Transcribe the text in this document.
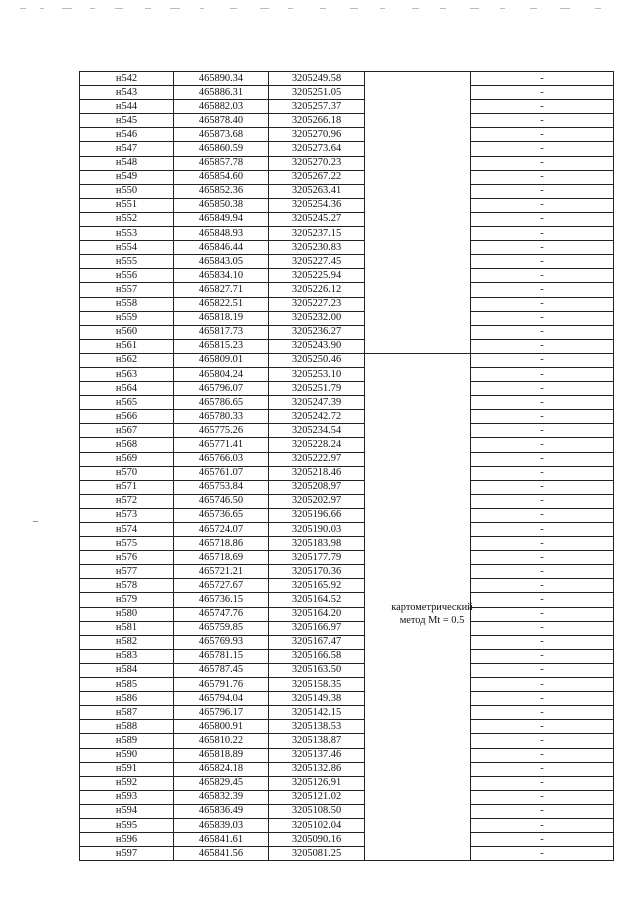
н542	465890.34	3205249.58		-
н543	465886.31	3205251.05		-
н544	465882.03	3205257.37		-
н545	465878.40	3205266.18		-
н546	465873.68	3205270.96		-
н547	465860.59	3205273.64		-
н548	465857.78	3205270.23		-
н549	465854.60	3205267.22		-
н550	465852.36	3205263.41		-
н551	465850.38	3205254.36		-
н552	465849.94	3205245.27		-
н553	465848.93	3205237.15		-
н554	465846.44	3205230.83		-
н555	465843.05	3205227.45		-
н556	465834.10	3205225.94		-
н557	465827.71	3205226.12		-
н558	465822.51	3205227.23		-
н559	465818.19	3205232.00		-
н560	465817.73	3205236.27		-
н561	465815.23	3205243.90		-
н562	465809.01	3205250.46		-
н563	465804.24	3205253.10		-
н564	465796.07	3205251.79		-
н565	465786.65	3205247.39		-
н566	465780.33	3205242.72		-
н567	465775.26	3205234.54		-
н568	465771.41	3205228.24		-
н569	465766.03	3205222.97		-
н570	465761.07	3205218.46		-
н571	465753.84	3205208.97		-
н572	465746.50	3205202.97		-
н573	465736.65	3205196.66		-
н574	465724.07	3205190.03		-
н575	465718.86	3205183.98		-
н576	465718.69	3205177.79		-
н577	465721.21	3205170.36		-
н578	465727.67	3205165.92		-
н579	465736.15	3205164.52		-
н580	465747.76	3205164.20		-
н581	465759.85	3205166.97		-
н582	465769.93	3205167.47		-
н583	465781.15	3205166.58		-
н584	465787.45	3205163.50		-
н585	465791.76	3205158.35		-
н586	465794.04	3205149.38		-
н587	465796.17	3205142.15		-
н588	465800.91	3205138.53		-
н589	465810.22	3205138.87		-
н590	465818.89	3205137.46		-
н591	465824.18	3205132.86		-
н592	465829.45	3205126.91		-
н593	465832.39	3205121.02		-
н594	465836.49	3205108.50		-
н595	465839.03	3205102.04		-
н596	465841.61	3205090.16		-
н597	465841.56	3205081.25		-
картометрический
метод Mt = 0.5
